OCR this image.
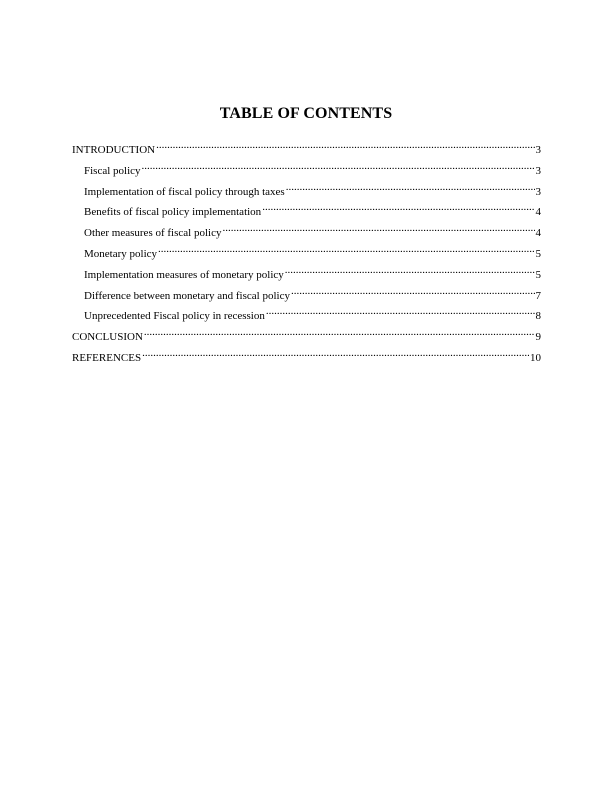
TABLE OF CONTENTS
INTRODUCTION .....	3
Fiscal policy .....	3
Implementation of fiscal policy through taxes .....	3
Benefits of fiscal policy implementation .....	4
Other measures of fiscal policy .....	4
Monetary policy .....	5
Implementation measures of monetary policy .....	5
Difference between monetary and fiscal policy .....	7
Unprecedented Fiscal policy in recession .....	8
CONCLUSION .....	9
REFERENCES .....	10
